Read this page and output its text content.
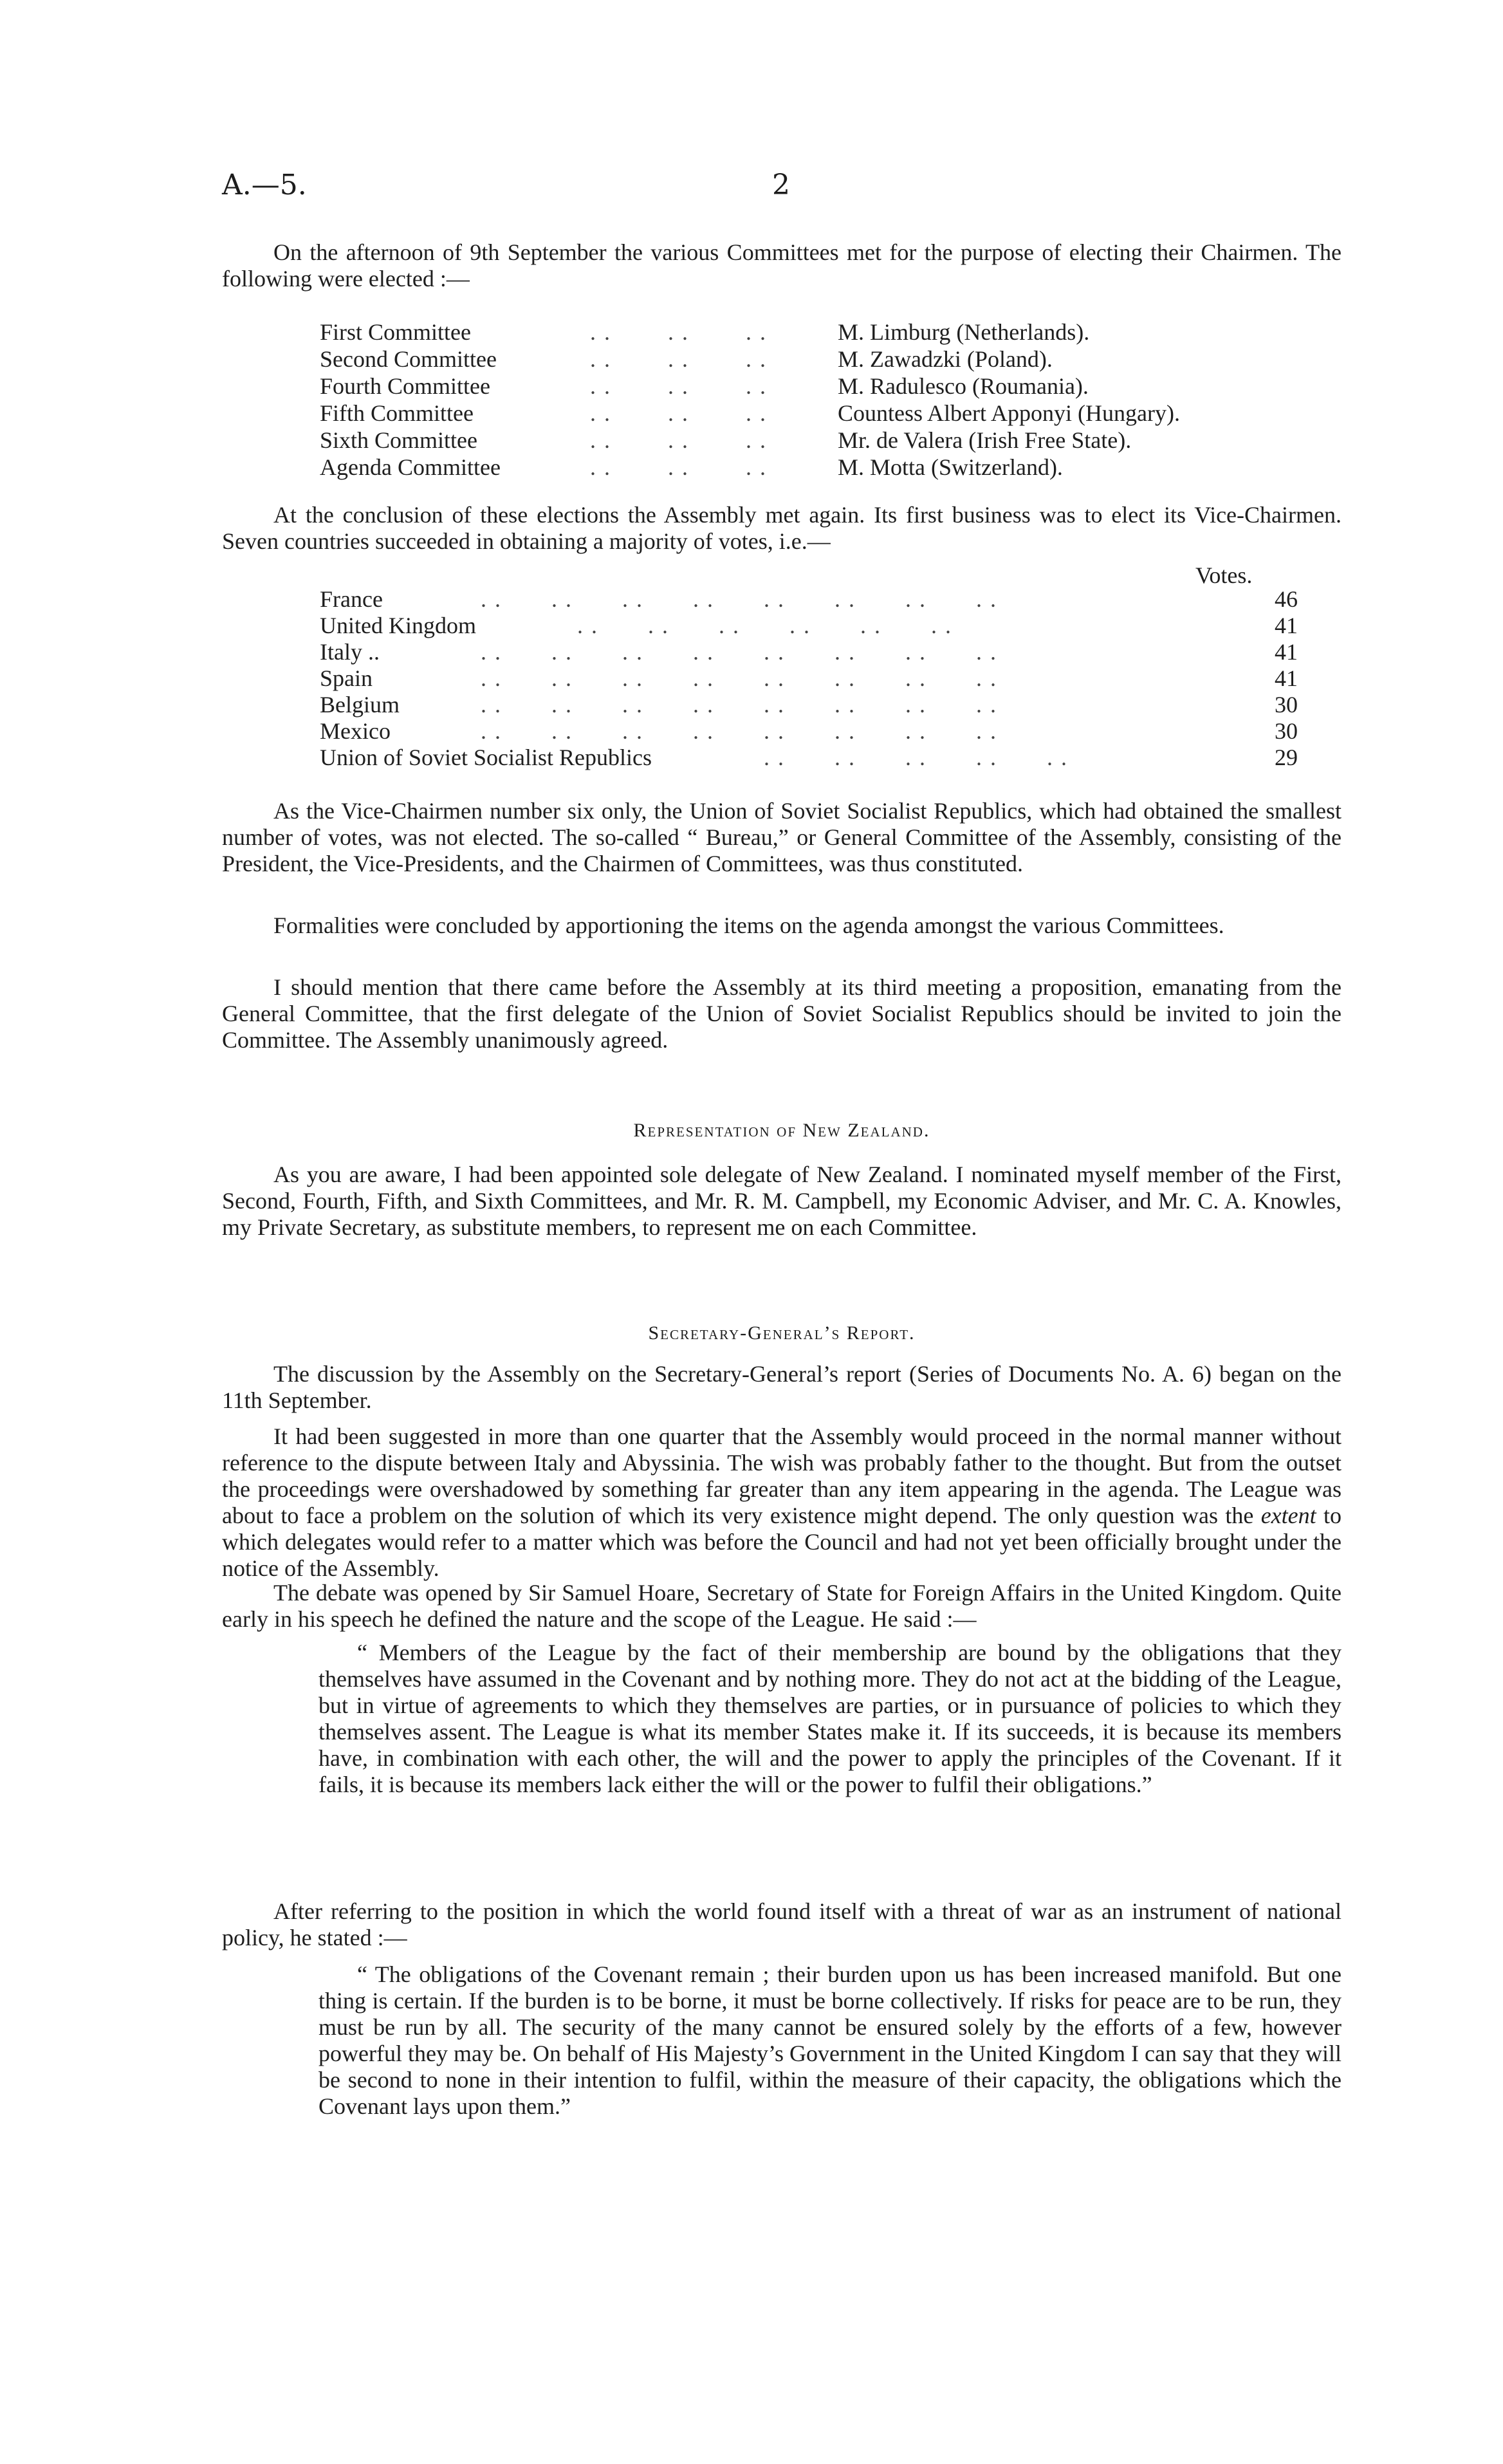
A.—5.	2

On the afternoon of 9th September the various Committees met for the purpose of electing their Chairmen. The following were elected :—

First Committee	. .        . .        . .	M. Limburg (Netherlands).
Second Committee	. .        . .        . .	M. Zawadzki (Poland).
Fourth Committee	. .        . .        . .	M. Radulesco (Roumania).
Fifth Committee	. .        . .        . .	Countess Albert Apponyi (Hungary).
Sixth Committee	. .        . .        . .	Mr. de Valera (Irish Free State).
Agenda Committee	. .        . .        . .	M. Motta (Switzerland).

At the conclusion of these elections the Assembly met again. Its first business was to elect its Vice-Chairmen. Seven countries succeeded in obtaining a majority of votes, i.e.—

Votes.
France	. .       . .       . .       . .       . .       . .       . .       . .	46
United Kingdom	. .       . .       . .       . .       . .       . .	41
Italy ..	. .       . .       . .       . .       . .       . .       . .       . .	41
Spain	. .       . .       . .       . .       . .       . .       . .       . .	41
Belgium	. .       . .       . .       . .       . .       . .       . .       . .	30
Mexico	. .       . .       . .       . .       . .       . .       . .       . .	30
Union of Soviet Socialist Republics	. .       . .       . .       . .       . .	29

As the Vice-Chairmen number six only, the Union of Soviet Socialist Republics, which had obtained the smallest number of votes, was not elected. The so-called “ Bureau,” or General Committee of the Assembly, consisting of the President, the Vice-Presidents, and the Chairmen of Committees, was thus constituted.

Formalities were concluded by apportioning the items on the agenda amongst the various Committees.

I should mention that there came before the Assembly at its third meeting a proposition, emanating from the General Committee, that the first delegate of the Union of Soviet Socialist Republics should be invited to join the Committee. The Assembly unanimously agreed.

Representation of New Zealand.

As you are aware, I had been appointed sole delegate of New Zealand. I nominated myself member of the First, Second, Fourth, Fifth, and Sixth Committees, and Mr. R. M. Campbell, my Economic Adviser, and Mr. C. A. Knowles, my Private Secretary, as substitute members, to represent me on each Committee.

Secretary-General’s Report.

The discussion by the Assembly on the Secretary-General’s report (Series of Documents No. A. 6) began on the 11th September.

It had been suggested in more than one quarter that the Assembly would proceed in the normal manner without reference to the dispute between Italy and Abyssinia. The wish was probably father to the thought. But from the outset the proceedings were overshadowed by something far greater than any item appearing in the agenda. The League was about to face a problem on the solution of which its very existence might depend. The only question was the extent to which delegates would refer to a matter which was before the Council and had not yet been officially brought under the notice of the Assembly.

The debate was opened by Sir Samuel Hoare, Secretary of State for Foreign Affairs in the United Kingdom. Quite early in his speech he defined the nature and the scope of the League. He said :—

“ Members of the League by the fact of their membership are bound by the obligations that they themselves have assumed in the Covenant and by nothing more. They do not act at the bidding of the League, but in virtue of agreements to which they themselves are parties, or in pursuance of policies to which they themselves assent. The League is what its member States make it. If its succeeds, it is because its members have, in combination with each other, the will and the power to apply the principles of the Covenant. If it fails, it is because its members lack either the will or the power to fulfil their obligations.”

After referring to the position in which the world found itself with a threat of war as an instrument of national policy, he stated :—

“ The obligations of the Covenant remain ; their burden upon us has been increased manifold. But one thing is certain. If the burden is to be borne, it must be borne collectively. If risks for peace are to be run, they must be run by all. The security of the many cannot be ensured solely by the efforts of a few, however powerful they may be. On behalf of His Majesty’s Government in the United Kingdom I can say that they will be second to none in their intention to fulfil, within the measure of their capacity, the obligations which the Covenant lays upon them.”
